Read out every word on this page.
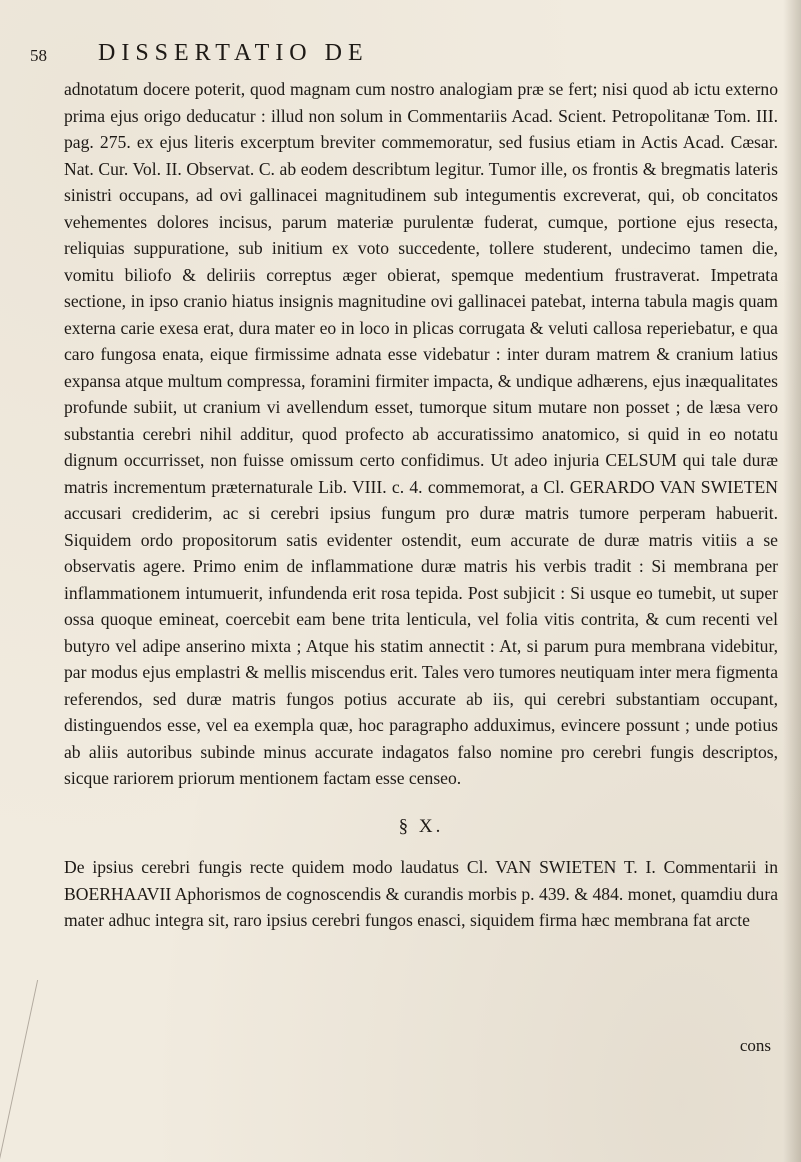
58 DISSERTATIO DE

adnotatum docere poterit, quod magnam cum nostro analogiam præ se fert; nisi quod ab ictu externo prima ejus origo deducatur : illud non solum in Commentariis Acad. Scient. Petropolitanæ Tom. III. pag. 275. ex ejus literis excerptum breviter commemoratur, sed fusius etiam in Actis Acad. Cæsar. Nat. Cur. Vol. II. Observat. C. ab eodem describtum legitur. Tumor ille, os frontis & bregmatis lateris sinistri occupans, ad ovi gallinacei magnitudinem sub integumentis excreverat, qui, ob concitatos vehementes dolores incisus, parum materiæ purulentæ fuderat, cumque, portione ejus resecta, reliquias suppuratione, sub initium ex voto succedente, tollere studerent, undecimo tamen die, vomitu biliofo & deliriis correptus æger obierat, spemque medentium frustraverat. Impetrata sectione, in ipso cranio hiatus insignis magnitudine ovi gallinacei patebat, interna tabula magis quam externa carie exesa erat, dura mater eo in loco in plicas corrugata & veluti callosa reperiebatur, e qua caro fungosa enata, eique firmissime adnata esse videbatur : inter duram matrem & cranium latius expansa atque multum compressa, foramini firmiter impacta, & undique adhærens, ejus inæqualitates profunde subiit, ut cranium vi avellendum esset, tumorque situm mutare non posset ; de læsa vero substantia cerebri nihil additur, quod profecto ab accuratissimo anatomico, si quid in eo notatu dignum occurrisset, non fuisse omissum certo confidimus. Ut adeo injuria CELSUM qui tale duræ matris incrementum præternaturale Lib. VIII. c. 4. commemorat, a Cl. GERARDO VAN SWIETEN accusari crediderim, ac si cerebri ipsius fungum pro duræ matris tumore perperam habuerit. Siquidem ordo propositorum satis evidenter ostendit, eum accurate de duræ matris vitiis a se observatis agere. Primo enim de inflammatione duræ matris his verbis tradit : Si membrana per inflammationem intumuerit, infundenda erit rosa tepida. Post subjicit : Si usque eo tumebit, ut super ossa quoque emineat, coercebit eam bene trita lenticula, vel folia vitis contrita, & cum recenti vel butyro vel adipe anserino mixta ; Atque his statim annectit : At, si parum pura membrana videbitur, par modus ejus emplastri & mellis miscendus erit. Tales vero tumores neutiquam inter mera figmenta referendos, sed duræ matris fungos potius accurate ab iis, qui cerebri substantiam occupant, distinguendos esse, vel ea exempla quæ, hoc paragrapho adduximus, evincere possunt ; unde potius ab aliis autoribus subinde minus accurate indagatos falso nomine pro cerebri fungis descriptos, sicque rariorem priorum mentionem factam esse censeo.

§ X.

De ipsius cerebri fungis recte quidem modo laudatus Cl. VAN SWIETEN T. I. Commentarii in BOERHAAVII Aphorismos de cognoscendis & curandis morbis p. 439. & 484. monet, quamdiu dura mater adhuc integra sit, raro ipsius cerebri fungos enasci, siquidem firma hæc membrana fat arcte

cons
